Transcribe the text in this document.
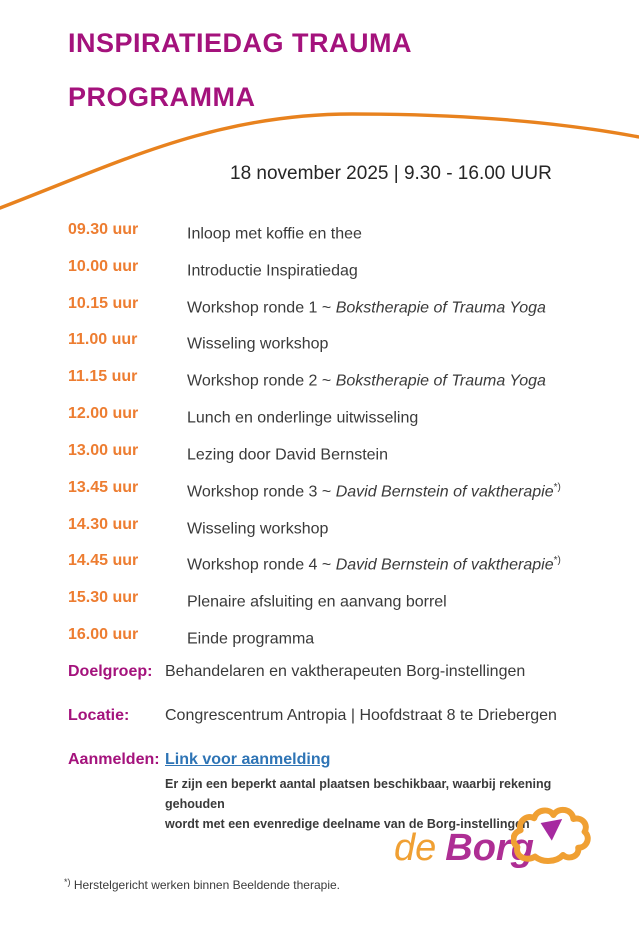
INSPIRATIEDAG TRAUMA
PROGRAMMA
18 november 2025 | 9.30 - 16.00 UUR
09.30 uur	Inloop met koffie en thee
10.00 uur	Introductie Inspiratiedag
10.15 uur	Workshop ronde 1 ~ Bokstherapie of Trauma Yoga
11.00 uur	Wisseling workshop
11.15 uur	Workshop ronde 2 ~ Bokstherapie of Trauma Yoga
12.00 uur	Lunch en onderlinge uitwisseling
13.00 uur	Lezing door David Bernstein
13.45 uur	Workshop ronde 3 ~ David Bernstein of vaktherapie*)
14.30 uur	Wisseling workshop
14.45 uur	Workshop ronde 4 ~ David Bernstein of vaktherapie*)
15.30 uur	Plenaire afsluiting en aanvang borrel
16.00 uur	Einde programma
Doelgroep: Behandelaren en vaktherapeuten Borg-instellingen
Locatie:	Congrescentrum Antropia | Hoofdstraat 8 te Driebergen
Aanmelden: Link voor aanmelding
Er zijn een beperkt aantal plaatsen beschikbaar, waarbij rekening gehouden
wordt met een evenredige deelname van de Borg-instellingen
de Borg
*) Herstelgericht werken binnen Beeldende therapie.
